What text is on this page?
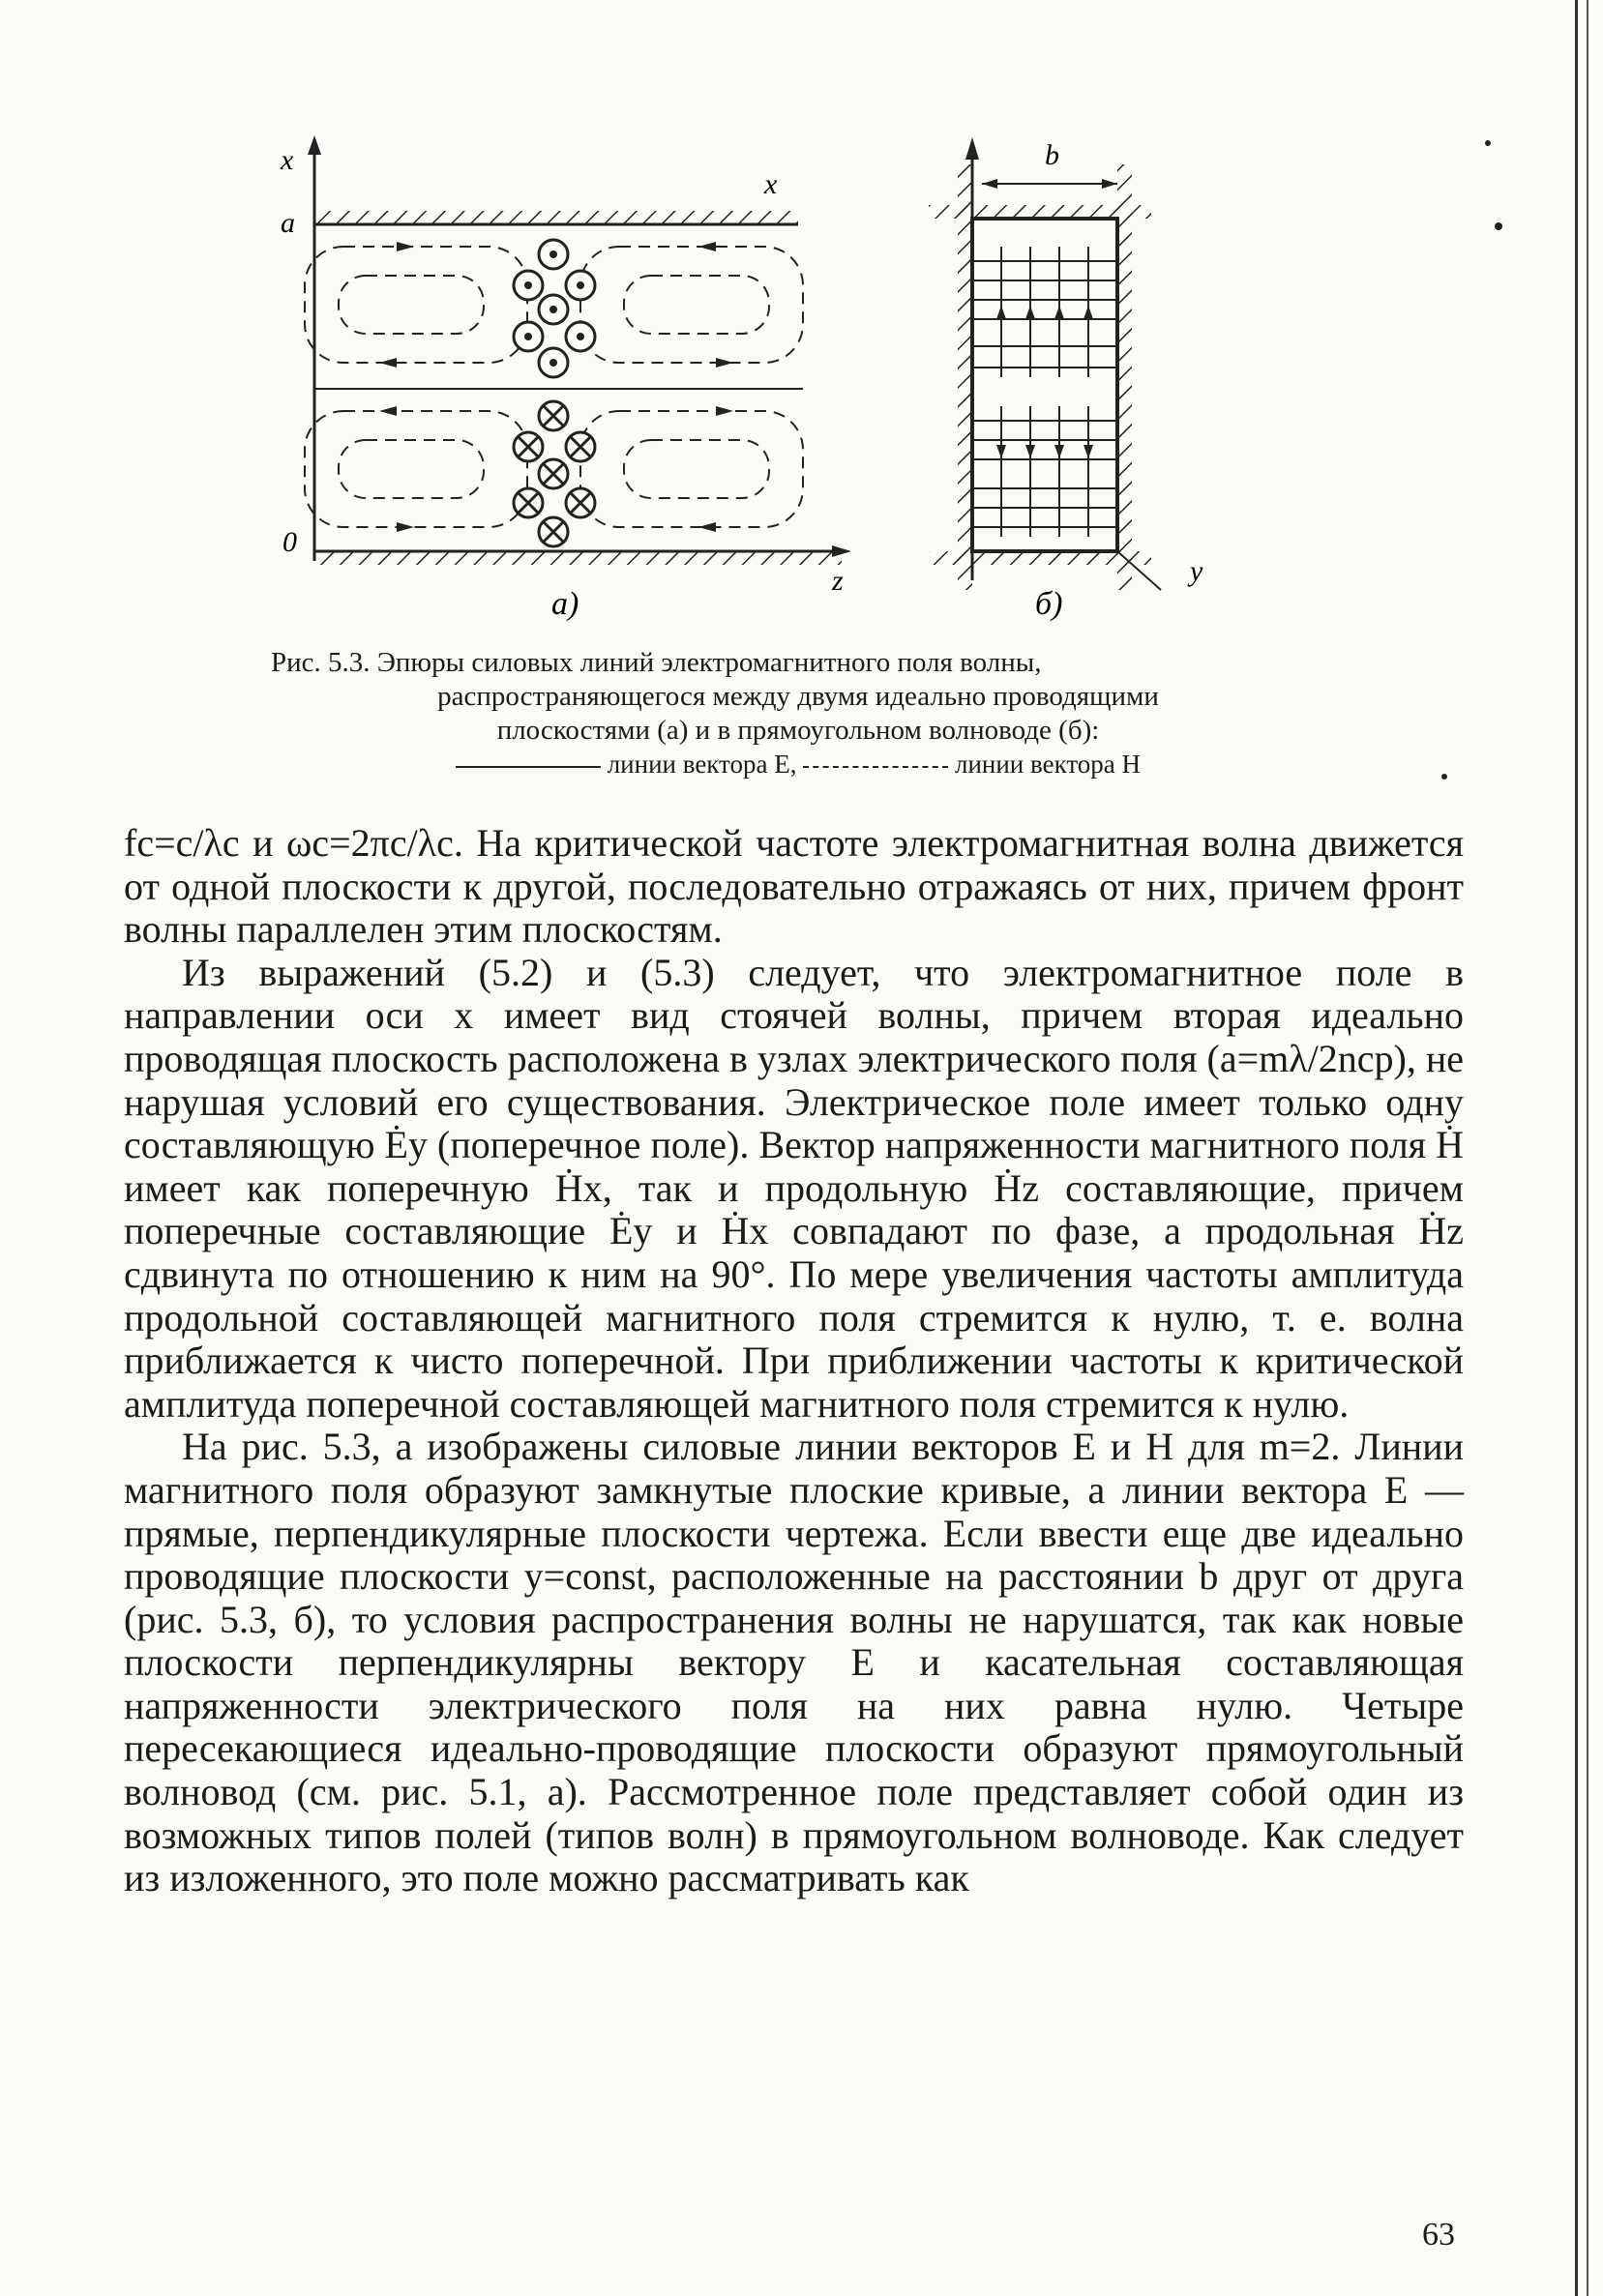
x
x
a
0
z
а)
b
y
б)
Рис. 5.3. Эпюры силовых линий электромагнитного поля волны,
распространяющегося между двумя идеально проводящими
плоскостями (a) и в прямоугольном волноводе (б):
линии вектора E,	линии вектора H

fc=c/λc и ωc=2πc/λc. На критической частоте электромагнитная волна движется от одной плоскости к другой, последовательно отражаясь от них, причем фронт волны параллелен этим плоскостям.

Из выражений (5.2) и (5.3) следует, что электромагнитное поле в направлении оси x имеет вид стоячей волны, причем вторая идеально проводящая плоскость расположена в узлах электрического поля (a=mλ/2nср), не нарушая условий его существования. Электрическое поле имеет только одну составляющую Ėy (поперечное поле). Вектор напряженности магнитного поля Ḣ имеет как поперечную Ḣx, так и продольную Ḣz составляющие, причем поперечные составляющие Ėy и Ḣx совпадают по фазе, а продольная Ḣz сдвинута по отношению к ним на 90°. По мере увеличения частоты амплитуда продольной составляющей магнитного поля стремится к нулю, т. е. волна приближается к чисто поперечной. При приближении частоты к критической амплитуда поперечной составляющей магнитного поля стремится к нулю.

На рис. 5.3, а изображены силовые линии векторов E и H для m=2. Линии магнитного поля образуют замкнутые плоские кривые, а линии вектора E — прямые, перпендикулярные плоскости чертежа. Если ввести еще две идеально проводящие плоскости y=const, расположенные на расстоянии b друг от друга (рис. 5.3, б), то условия распространения волны не нарушатся, так как новые плоскости перпендикулярны вектору E и касательная составляющая напряженности электрического поля на них равна нулю. Четыре пересекающиеся идеально-проводящие плоскости образуют прямоугольный волновод (см. рис. 5.1, а). Рассмотренное поле представляет собой один из возможных типов полей (типов волн) в прямоугольном волноводе. Как следует из изложенного, это поле можно рассматривать как

63
